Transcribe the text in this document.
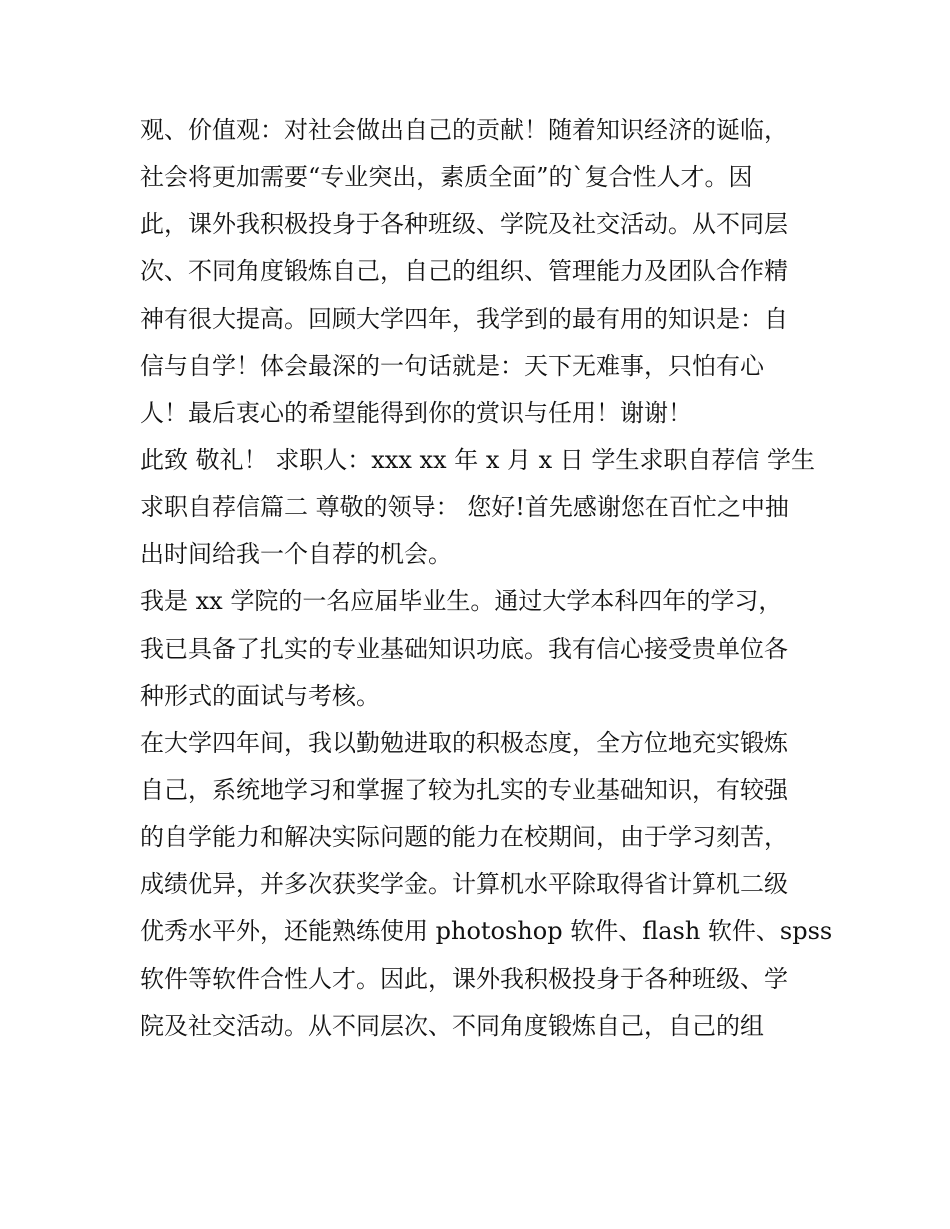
观、价值观：对社会做出自己的贡献！随着知识经济的诞临，
社会将更加需要“专业突出，素质全面”的`复合性人才。因
此，课外我积极投身于各种班级、学院及社交活动。从不同层
次、不同角度锻炼自己，自己的组织、管理能力及团队合作精
神有很大提高。回顾大学四年，我学到的最有用的知识是：自
信与自学！体会最深的一句话就是：天下无难事，只怕有心
人！最后衷心的希望能得到你的赏识与任用！谢谢！
此致 敬礼！ 求职人：xxx xx 年 x 月 x 日 学生求职自荐信 学生
求职自荐信篇二 尊敬的领导： 您好!首先感谢您在百忙之中抽
出时间给我一个自荐的机会。
我是 xx 学院的一名应届毕业生。通过大学本科四年的学习，
我已具备了扎实的专业基础知识功底。我有信心接受贵单位各
种形式的面试与考核。
在大学四年间，我以勤勉进取的积极态度，全方位地充实锻炼
自己，系统地学习和掌握了较为扎实的专业基础知识，有较强
的自学能力和解决实际问题的能力在校期间，由于学习刻苦，
成绩优异，并多次获奖学金。计算机水平除取得省计算机二级
优秀水平外，还能熟练使用 photoshop 软件、flash 软件、spss
软件等软件合性人才。因此，课外我积极投身于各种班级、学
院及社交活动。从不同层次、不同角度锻炼自己，自己的组
